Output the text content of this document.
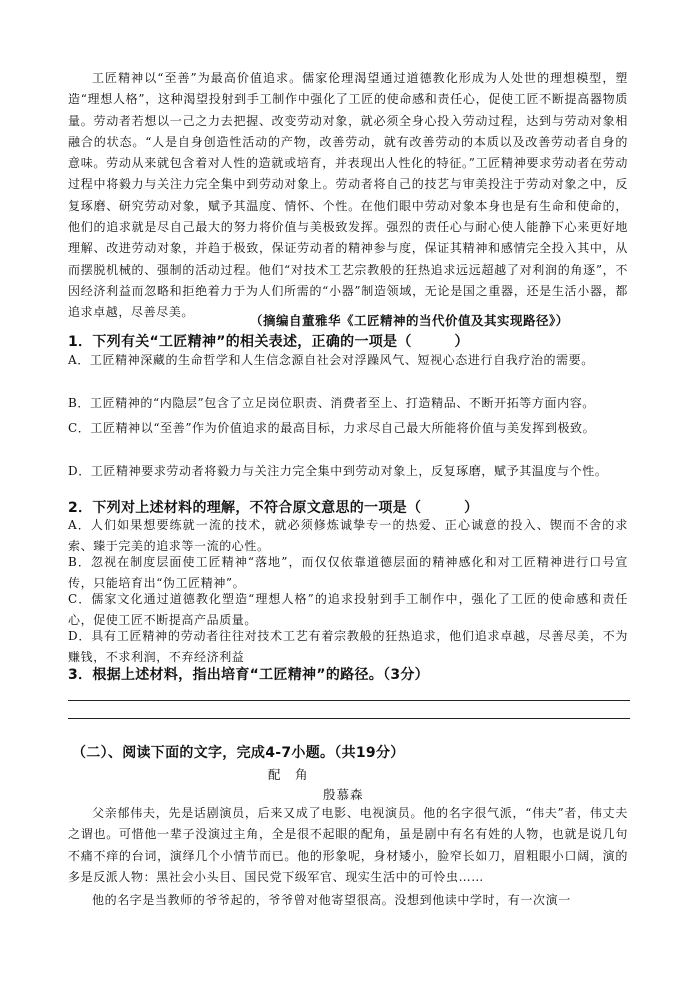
工匠精神以“至善”为最高价值追求。儒家伦理渴望通过道德教化形成为人处世的理想模型，塑造“理想人格”，这种渴望投射到手工制作中强化了工匠的使命感和责任心，促使工匠不断提高器物质量。劳动者若想以一己之力去把握、改变劳动对象，就必须全身心投入劳动过程，达到与劳动对象相融合的状态。“人是自身创造性活动的产物，改善劳动，就有改善劳动的本质以及改善劳动者自身的意味。劳动从来就包含着对人性的造就或培育，并表现出人性化的特征。”工匠精神要求劳动者在劳动过程中将毅力与关注力完全集中到劳动对象上。劳动者将自己的技艺与审美投注于劳动对象之中，反复琢磨、研究劳动对象，赋予其温度、情怀、个性。在他们眼中劳动对象本身也是有生命和使命的，他们的追求就是尽自己最大的努力将价值与美极致发挥。强烈的责任心与耐心使人能静下心来更好地理解、改进劳动对象，并趋于极致，保证劳动者的精神参与度，保证其精神和感情完全投入其中，从而摆脱机械的、强制的活动过程。他们“对技术工艺宗教般的狂热追求远远超越了对利润的角逐”，不因经济利益而忽略和拒绝着力于为人们所需的“小器”制造领域，无论是国之重器，还是生活小器，都追求卓越，尽善尽美。
（摘编自董雅华《工匠精神的当代价值及其实现路径》）
1．下列有关“工匠精神”的相关表述，正确的一项是（　　　）
A．工匠精神深藏的生命哲学和人生信念源自社会对浮躁风气、短视心态进行自我疗治的需要。
B．工匠精神的“内隐层”包含了立足岗位职责、消费者至上、打造精品、不断开拓等方面内容。
C．工匠精神以“至善”作为价值追求的最高目标，力求尽自己最大所能将价值与美发挥到极致。
D．工匠精神要求劳动者将毅力与关注力完全集中到劳动对象上，反复琢磨，赋予其温度与个性。
2．下列对上述材料的理解，不符合原文意思的一项是（　　　）
A．人们如果想要练就一流的技术，就必须修炼诚挚专一的热爱、正心诚意的投入、锲而不舍的求索、臻于完美的追求等一流的心性。
B．忽视在制度层面使工匠精神“落地”，而仅仅依靠道德层面的精神感化和对工匠精神进行口号宣传，只能培育出“伪工匠精神”。
C．儒家文化通过道德教化塑造“理想人格”的追求投射到手工制作中，强化了工匠的使命感和责任心，促使工匠不断提高产品质量。
D．具有工匠精神的劳动者往往对技术工艺有着宗教般的狂热追求，他们追求卓越，尽善尽美，不为赚钱，不求利润，不弃经济利益
3．根据上述材料，指出培育“工匠精神”的路径。（3分）
（二）、阅读下面的文字，完成4-7小题。（共19分）
配　角
殷慕森
父亲郁伟夫，先是话剧演员，后来又成了电影、电视演员。他的名字很气派，“伟夫”者，伟丈夫之谓也。可惜他一辈子没演过主角，全是很不起眼的配角，虽是剧中有名有姓的人物，也就是说几句不痛不痒的台词，演绎几个小情节而已。他的形象呢，身材矮小，脸窄长如刀，眉粗眼小口阔，演的多是反派人物：黑社会小头目、国民党下级军官、现实生活中的可怜虫……
他的名字是当教师的爷爷起的，爷爷曾对他寄望很高。没想到他读中学时，有一次演一
